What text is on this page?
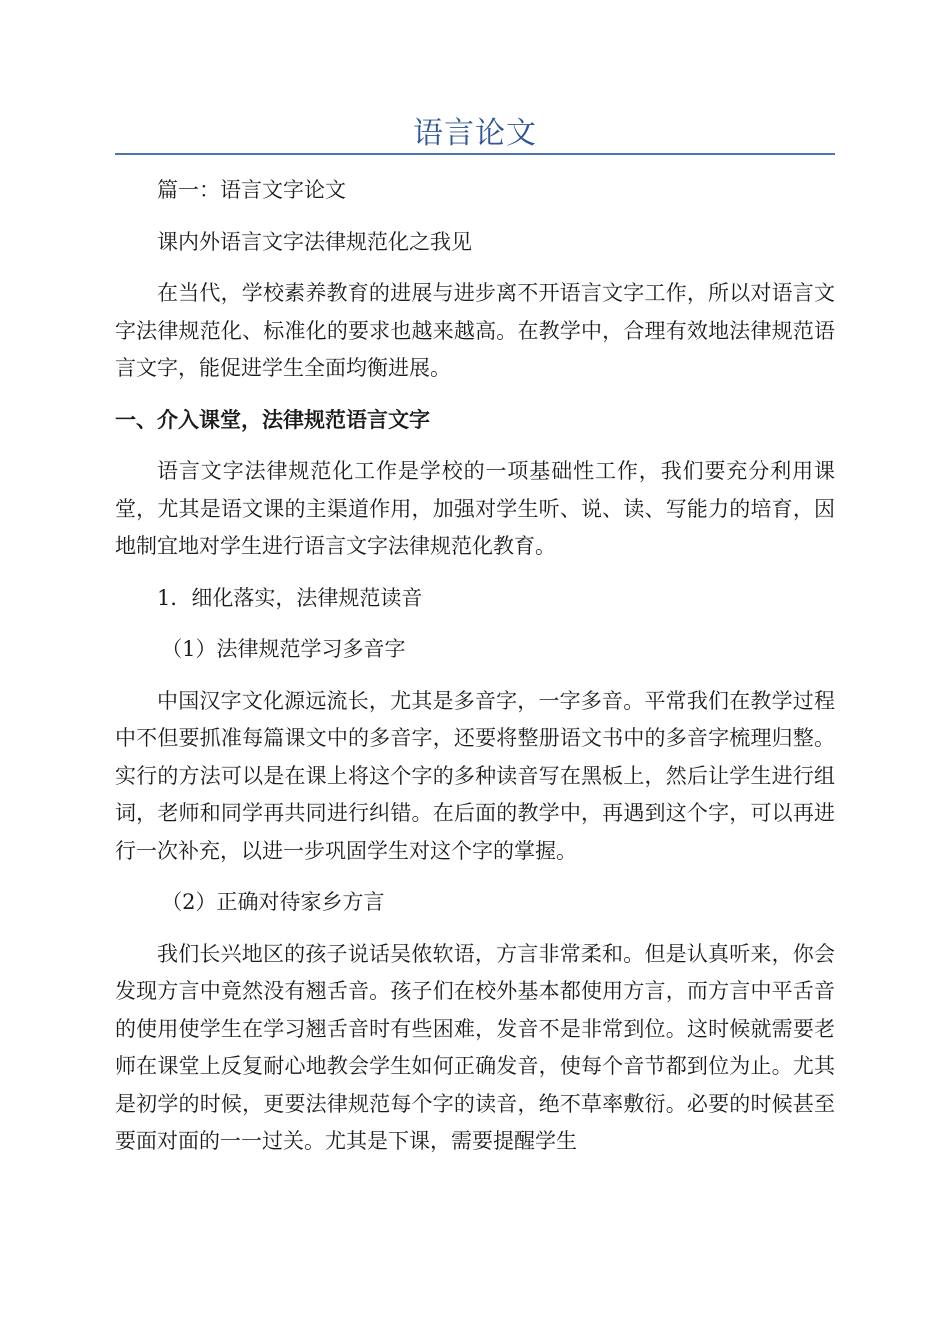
语言论文

篇一：语言文字论文

课内外语言文字法律规范化之我见

在当代，学校素养教育的进展与进步离不开语言文字工作，所以对语言文字法律规范化、标准化的要求也越来越高。在教学中，合理有效地法律规范语言文字，能促进学生全面均衡进展。

一、介入课堂，法律规范语言文字

语言文字法律规范化工作是学校的一项基础性工作，我们要充分利用课堂，尤其是语文课的主渠道作用，加强对学生听、说、读、写能力的培育，因地制宜地对学生进行语言文字法律规范化教育。

1．细化落实，法律规范读音

（1）法律规范学习多音字

中国汉字文化源远流长，尤其是多音字，一字多音。平常我们在教学过程中不但要抓准每篇课文中的多音字，还要将整册语文书中的多音字梳理归整。实行的方法可以是在课上将这个字的多种读音写在黑板上，然后让学生进行组词，老师和同学再共同进行纠错。在后面的教学中，再遇到这个字，可以再进行一次补充，以进一步巩固学生对这个字的掌握。

（2）正确对待家乡方言

我们长兴地区的孩子说话吴侬软语，方言非常柔和。但是认真听来，你会发现方言中竟然没有翘舌音。孩子们在校外基本都使用方言，而方言中平舌音的使用使学生在学习翘舌音时有些困难，发音不是非常到位。这时候就需要老师在课堂上反复耐心地教会学生如何正确发音，使每个音节都到位为止。尤其是初学的时候，更要法律规范每个字的读音，绝不草率敷衍。必要的时候甚至要面对面的一一过关。尤其是下课，需要提醒学生
